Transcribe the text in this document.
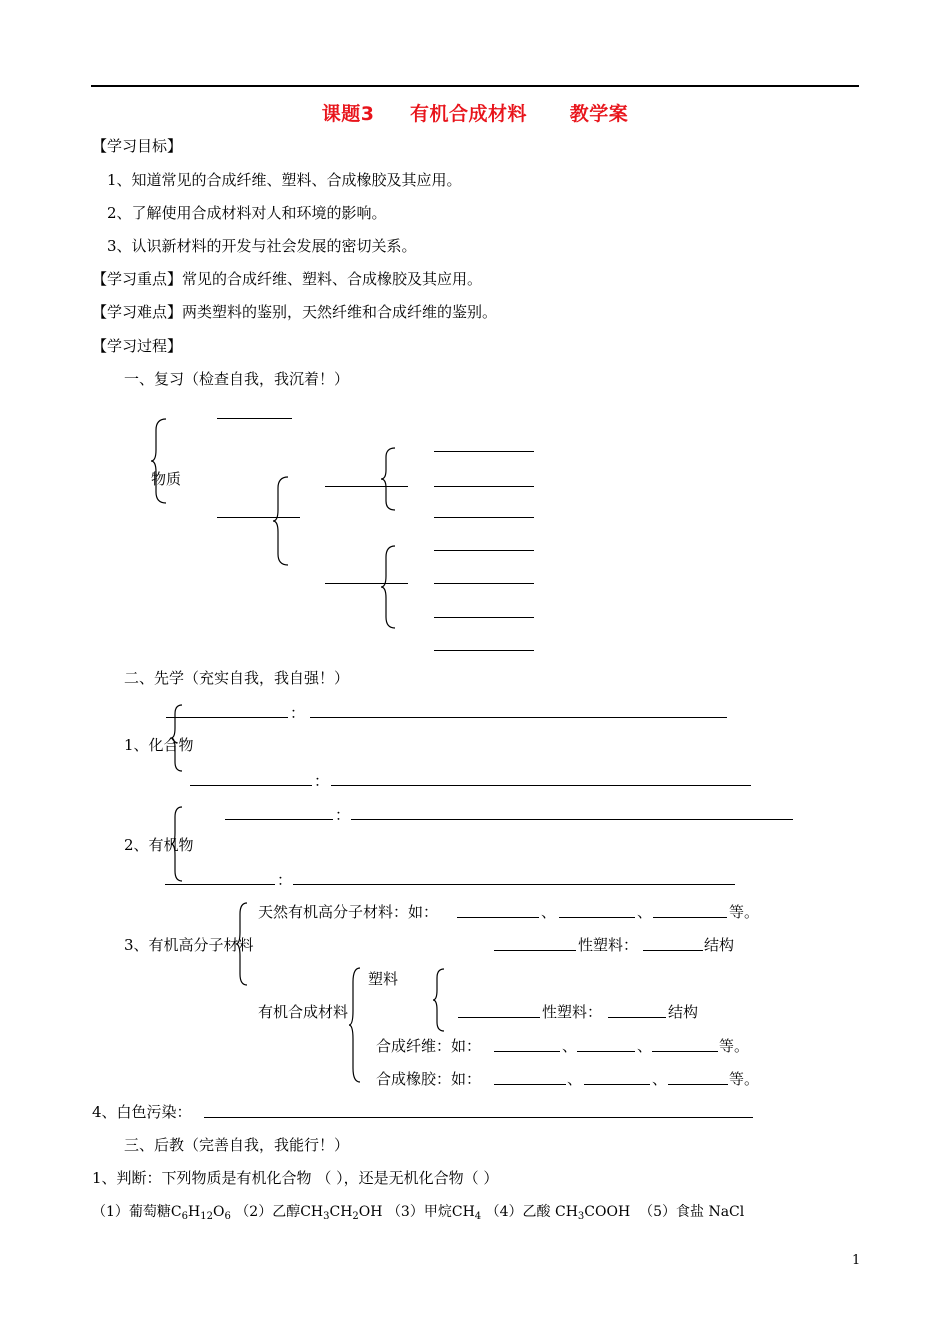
课题3     有机合成材料      教学案
【学习目标】
1、知道常见的合成纤维、塑料、合成橡胶及其应用。
2、了解使用合成材料对人和环境的影响。
3、认识新材料的开发与社会发展的密切关系。
【学习重点】常见的合成纤维、塑料、合成橡胶及其应用。
【学习难点】两类塑料的鉴别，天然纤维和合成纤维的鉴别。
【学习过程】
一、复习（检查自我，我沉着！）
物质
二、先学（充实自我，我自强！）
：
1、化合物
：
：
2、有机物
：
天然有机高分子材料：如：	、	、	等。
3、有机高分子材料	性塑料：	结构
塑料
有机合成材料	性塑料：	结构
合成纤维：如：	、	、	等。
合成橡胶：如：	、	、	等。
4、白色污染：
三、后教（完善自我，我能行！）
1、判断：下列物质是有机化合物 （ ），还是无机化合物（ ）
（1）葡萄糖$C_6H_{12}O_6$ （2）乙醇$CH_3CH_2OH$ （3）甲烷$CH_4$ （4）乙酸 $CH_3COOH$ （5）食盐 NaCl
1
